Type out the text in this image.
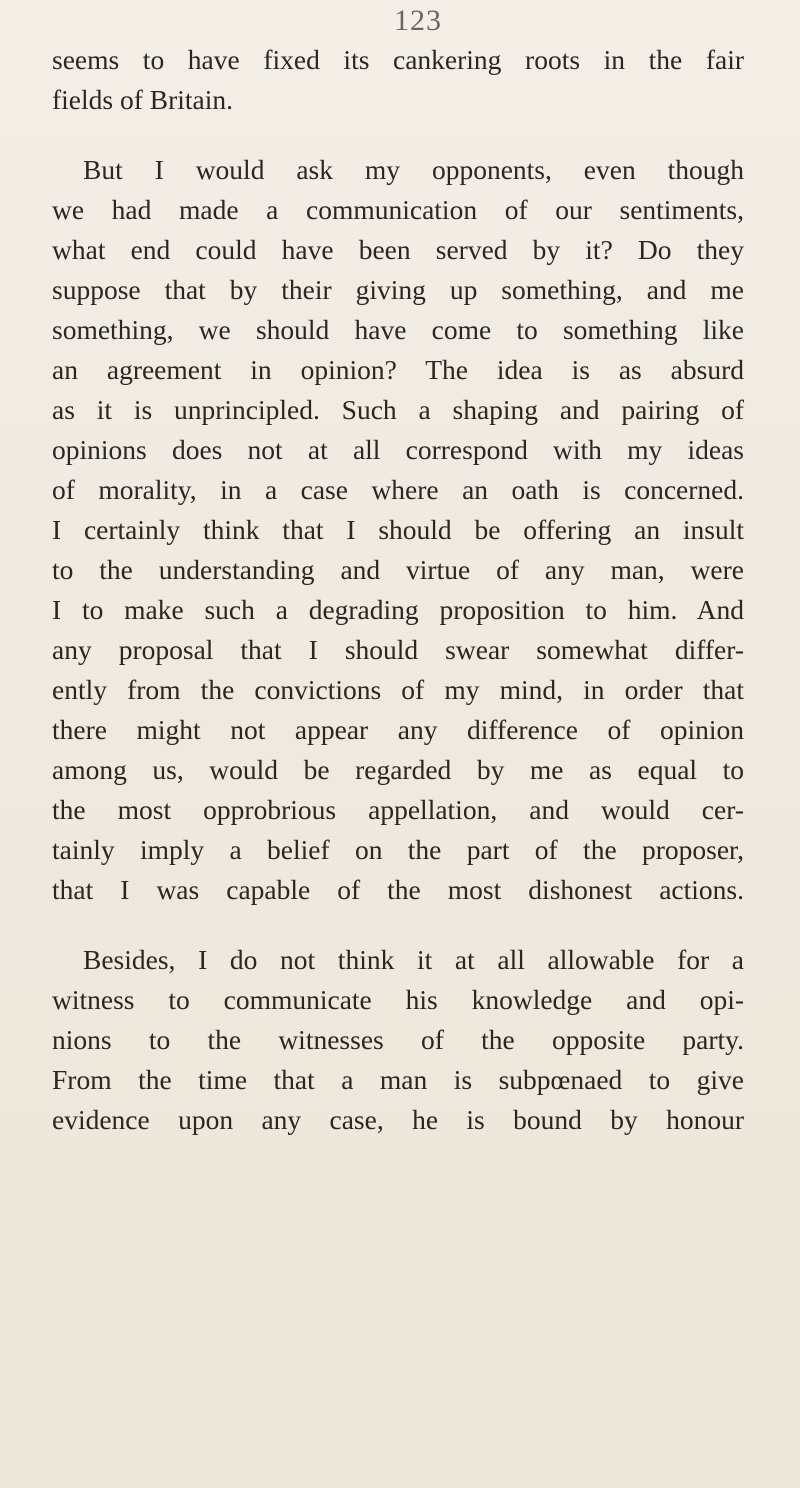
123
seems to have fixed its cankering roots in the fair
fields of Britain.
But I would ask my opponents, even though
we had made a communication of our sentiments,
what end could have been served by it? Do they
suppose that by their giving up something, and me
something, we should have come to something like
an agreement in opinion? The idea is as absurd
as it is unprincipled. Such a shaping and pairing of
opinions does not at all correspond with my ideas
of morality, in a case where an oath is concerned.
I certainly think that I should be offering an insult
to the understanding and virtue of any man, were
I to make such a degrading proposition to him. And
any proposal that I should swear somewhat differ-
ently from the convictions of my mind, in order that
there might not appear any difference of opinion
among us, would be regarded by me as equal to
the most opprobrious appellation, and would cer-
tainly imply a belief on the part of the proposer,
that I was capable of the most dishonest actions.
Besides, I do not think it at all allowable for a
witness to communicate his knowledge and opi-
nions to the witnesses of the opposite party.
From the time that a man is subpœnaed to give
evidence upon any case, he is bound by honour
